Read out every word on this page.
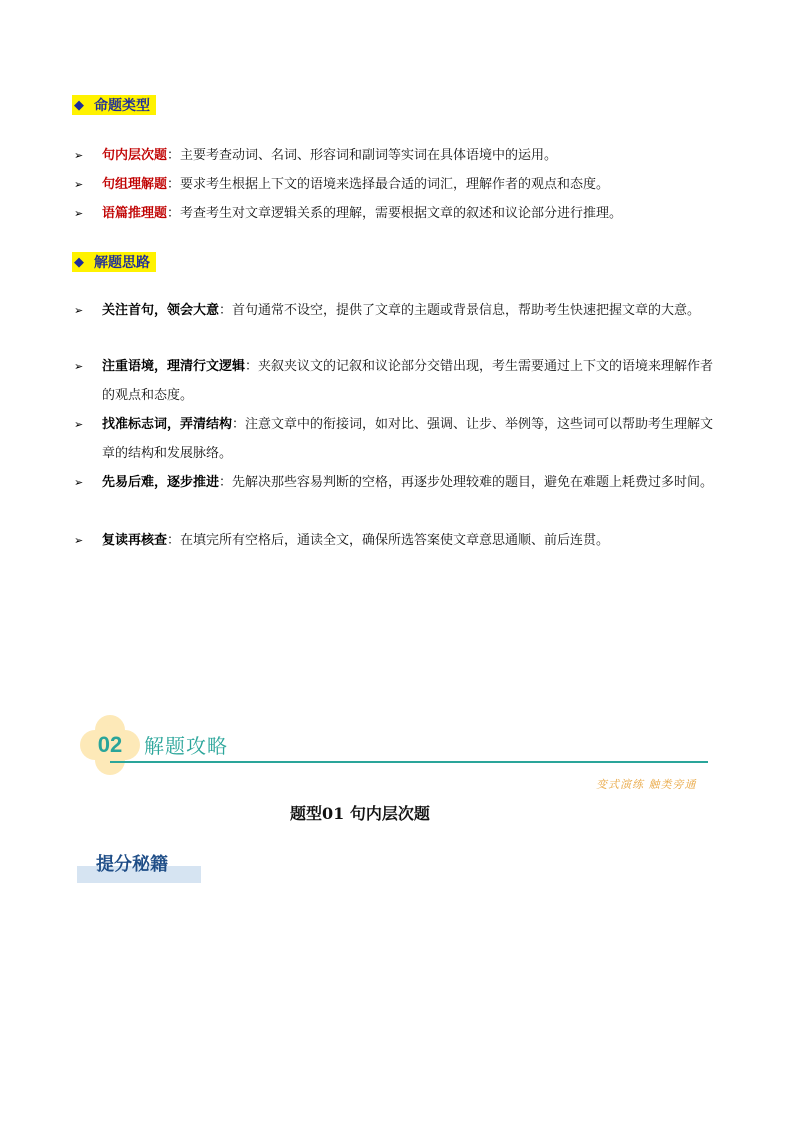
◆ 命题类型
➢ 句内层次题：主要考查动词、名词、形容词和副词等实词在具体语境中的运用。
➢ 句组理解题：要求考生根据上下文的语境来选择最合适的词汇，理解作者的观点和态度。
➢ 语篇推理题：考查考生对文章逻辑关系的理解，需要根据文章的叙述和议论部分进行推理。
◆ 解题思路
➢ 关注首句，领会大意：首句通常不设空，提供了文章的主题或背景信息，帮助考生快速把握文章的大意。
➢ 注重语境，理清行文逻辑：夹叙夹议文的记叙和议论部分交错出现，考生需要通过上下文的语境来理解作者的观点和态度。
➢ 找准标志词，弄清结构：注意文章中的衔接词，如对比、强调、让步、举例等，这些词可以帮助考生理解文章的结构和发展脉络。
➢ 先易后难，逐步推进：先解决那些容易判断的空格，再逐步处理较难的题目，避免在难题上耗费过多时间。
➢ 复读再核查：在填完所有空格后，通读全文，确保所选答案使文章意思通顺、前后连贯。
02	解题攻略
变式演练 触类旁通
题型01 句内层次题
提分秘籍
